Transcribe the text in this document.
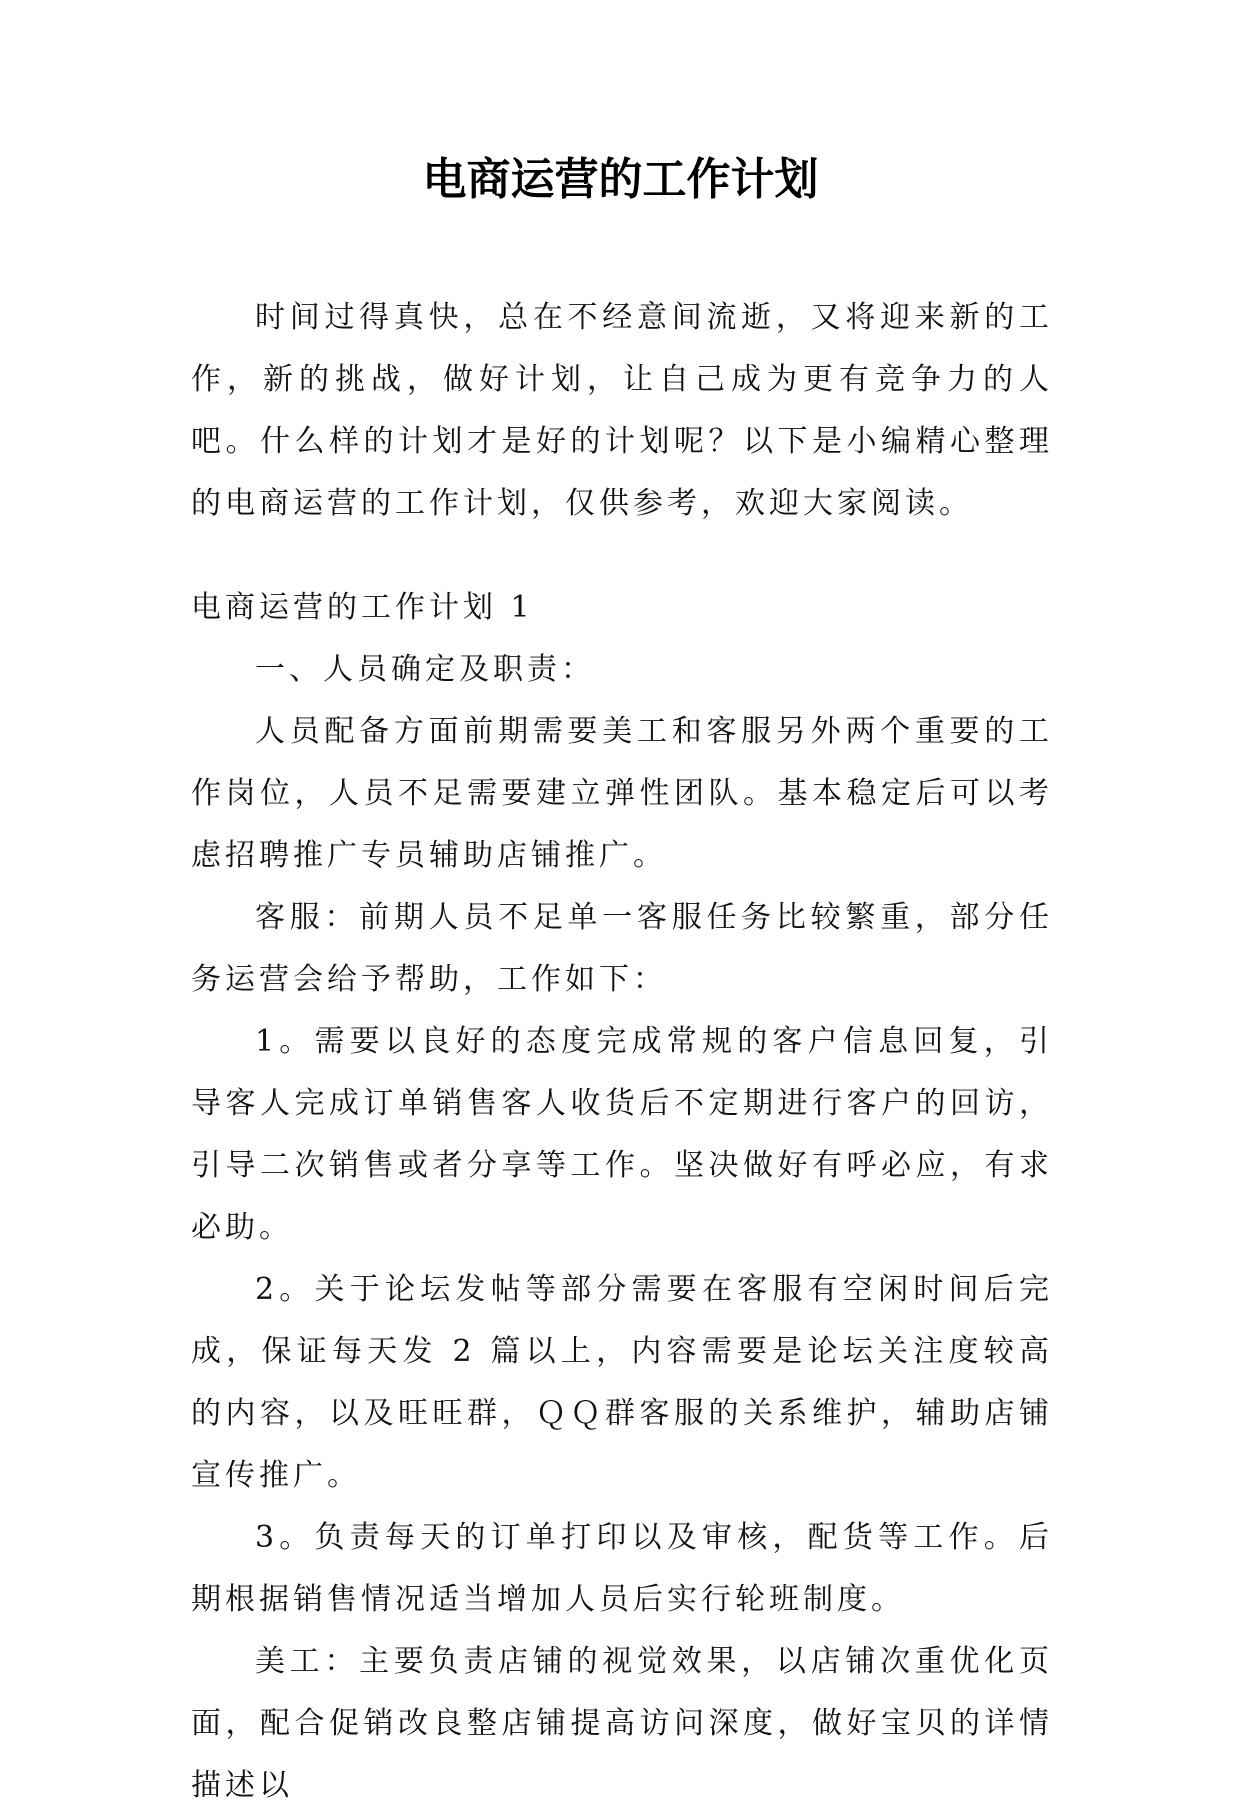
电商运营的工作计划

时间过得真快，总在不经意间流逝，又将迎来新的工作，新的挑战，做好计划，让自己成为更有竞争力的人吧。什么样的计划才是好的计划呢？以下是小编精心整理的电商运营的工作计划，仅供参考，欢迎大家阅读。

电商运营的工作计划 1

一、人员确定及职责：

人员配备方面前期需要美工和客服另外两个重要的工作岗位，人员不足需要建立弹性团队。基本稳定后可以考虑招聘推广专员辅助店铺推广。

客服：前期人员不足单一客服任务比较繁重，部分任务运营会给予帮助，工作如下：

1。需要以良好的态度完成常规的客户信息回复，引导客人完成订单销售客人收货后不定期进行客户的回访，引导二次销售或者分享等工作。坚决做好有呼必应，有求必助。

2。关于论坛发帖等部分需要在客服有空闲时间后完成，保证每天发 2 篇以上，内容需要是论坛关注度较高的内容，以及旺旺群，ＱＱ群客服的关系维护，辅助店铺宣传推广。

3。负责每天的订单打印以及审核，配货等工作。后期根据销售情况适当增加人员后实行轮班制度。

美工：主要负责店铺的视觉效果，以店铺次重优化页面，配合促销改良整店铺提高访问深度，做好宝贝的详情描述以
